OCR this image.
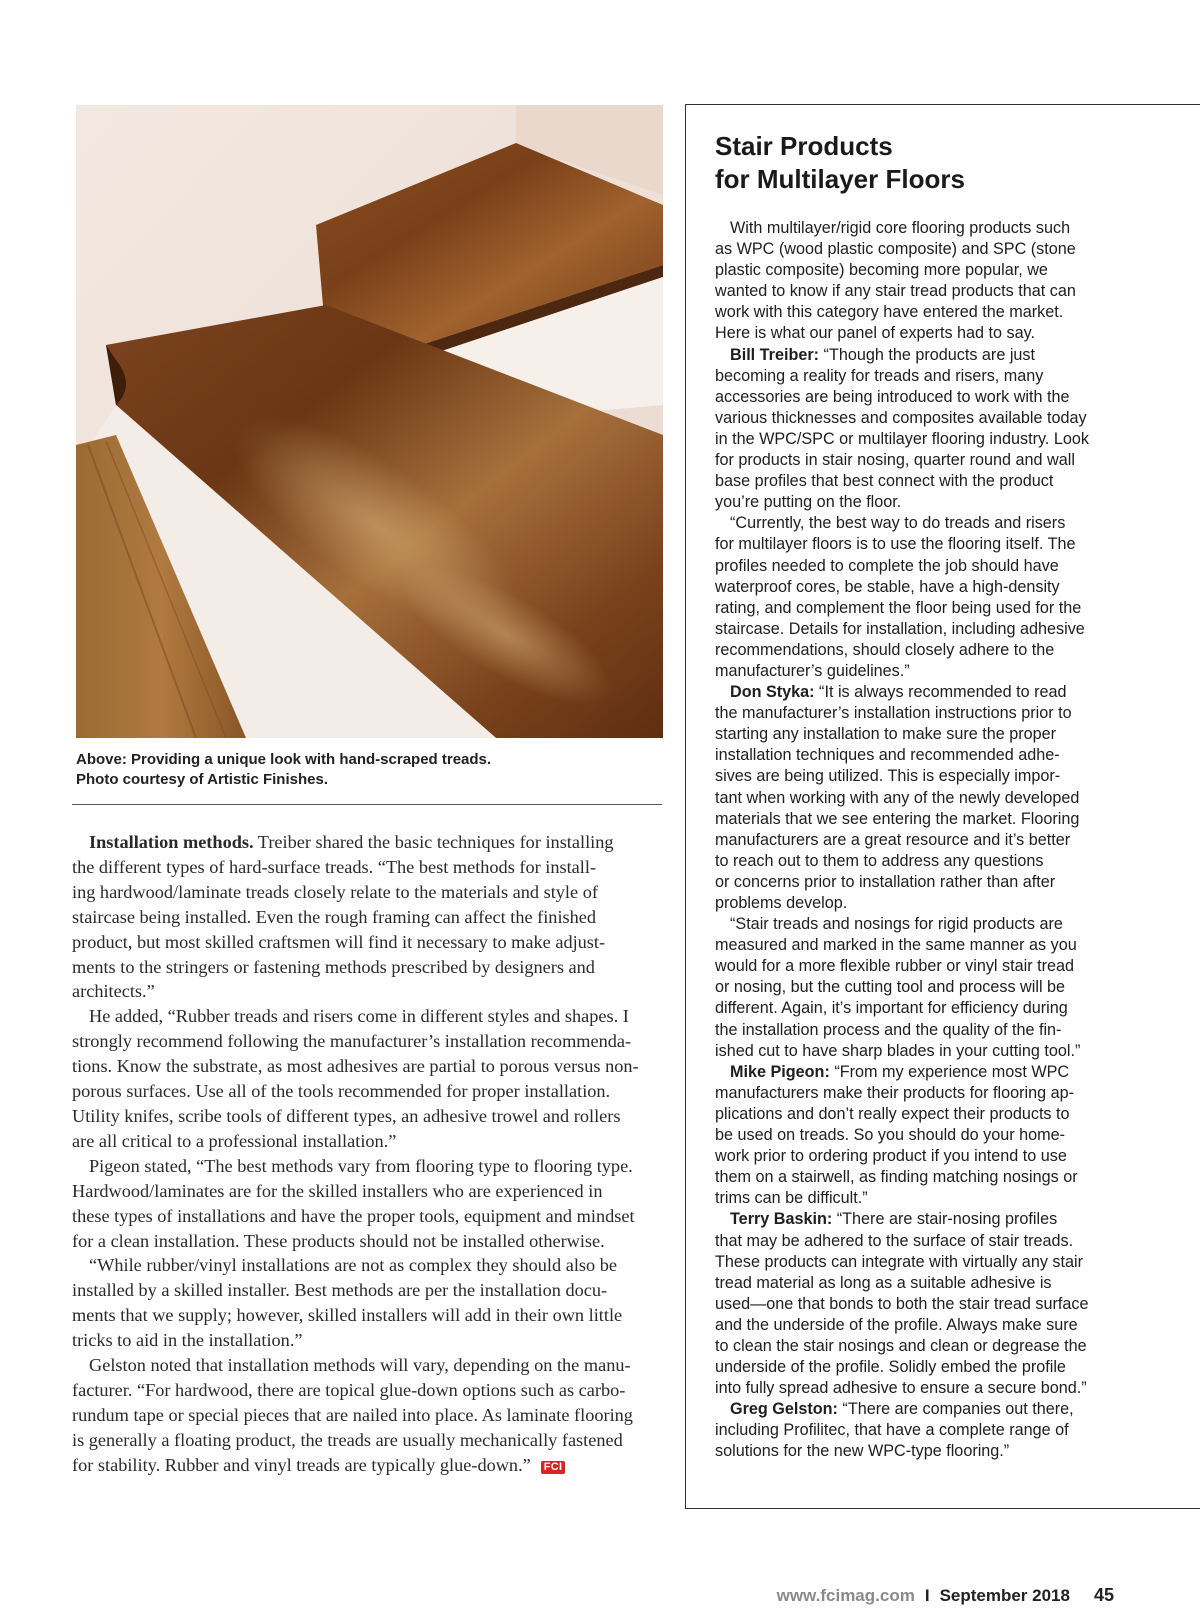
Above: Providing a unique look with hand-scraped treads.
Photo courtesy of Artistic Finishes.
Installation methods. Treiber shared the basic techniques for installing
the different types of hard-surface treads. “The best methods for install-
ing hardwood/laminate treads closely relate to the materials and style of
staircase being installed. Even the rough framing can affect the finished
product, but most skilled craftsmen will find it necessary to make adjust-
ments to the stringers or fastening methods prescribed by designers and
architects.”
He added, “Rubber treads and risers come in different styles and shapes. I
strongly recommend following the manufacturer’s installation recommenda-
tions. Know the substrate, as most adhesives are partial to porous versus non-
porous surfaces. Use all of the tools recommended for proper installation.
Utility knifes, scribe tools of different types, an adhesive trowel and rollers
are all critical to a professional installation.”
Pigeon stated, “The best methods vary from flooring type to flooring type.
Hardwood/laminates are for the skilled installers who are experienced in
these types of installations and have the proper tools, equipment and mindset
for a clean installation. These products should not be installed otherwise.
“While rubber/vinyl installations are not as complex they should also be
installed by a skilled installer. Best methods are per the installation docu-
ments that we supply; however, skilled installers will add in their own little
tricks to aid in the installation.”
Gelston noted that installation methods will vary, depending on the manu-
facturer. “For hardwood, there are topical glue-down options such as carbo-
rundum tape or special pieces that are nailed into place. As laminate flooring
is generally a floating product, the treads are usually mechanically fastened
for stability. Rubber and vinyl treads are typically glue-down.” FCI
Stair Products
for Multilayer Floors
With multilayer/rigid core flooring products such
as WPC (wood plastic composite) and SPC (stone
plastic composite) becoming more popular, we
wanted to know if any stair tread products that can
work with this category have entered the market.
Here is what our panel of experts had to say.
Bill Treiber: “Though the products are just
becoming a reality for treads and risers, many
accessories are being introduced to work with the
various thicknesses and composites available today
in the WPC/SPC or multilayer flooring industry. Look
for products in stair nosing, quarter round and wall
base profiles that best connect with the product
you’re putting on the floor.
“Currently, the best way to do treads and risers
for multilayer floors is to use the flooring itself. The
profiles needed to complete the job should have
waterproof cores, be stable, have a high-density
rating, and complement the floor being used for the
staircase. Details for installation, including adhesive
recommendations, should closely adhere to the
manufacturer’s guidelines.”
Don Styka: “It is always recommended to read
the manufacturer’s installation instructions prior to
starting any installation to make sure the proper
installation techniques and recommended adhe-
sives are being utilized. This is especially impor-
tant when working with any of the newly developed
materials that we see entering the market. Flooring
manufacturers are a great resource and it’s better
to reach out to them to address any questions
or concerns prior to installation rather than after
problems develop.
“Stair treads and nosings for rigid products are
measured and marked in the same manner as you
would for a more flexible rubber or vinyl stair tread
or nosing, but the cutting tool and process will be
different. Again, it’s important for efficiency during
the installation process and the quality of the fin-
ished cut to have sharp blades in your cutting tool.”
Mike Pigeon: “From my experience most WPC
manufacturers make their products for flooring ap-
plications and don’t really expect their products to
be used on treads. So you should do your home-
work prior to ordering product if you intend to use
them on a stairwell, as finding matching nosings or
trims can be difficult.”
Terry Baskin: “There are stair-nosing profiles
that may be adhered to the surface of stair treads.
These products can integrate with virtually any stair
tread material as long as a suitable adhesive is
used—one that bonds to both the stair tread surface
and the underside of the profile. Always make sure
to clean the stair nosings and clean or degrease the
underside of the profile. Solidly embed the profile
into fully spread adhesive to ensure a secure bond.”
Greg Gelston: “There are companies out there,
including Profilitec, that have a complete range of
solutions for the new WPC-type flooring.”
www.fcimag.com I September 2018 45
